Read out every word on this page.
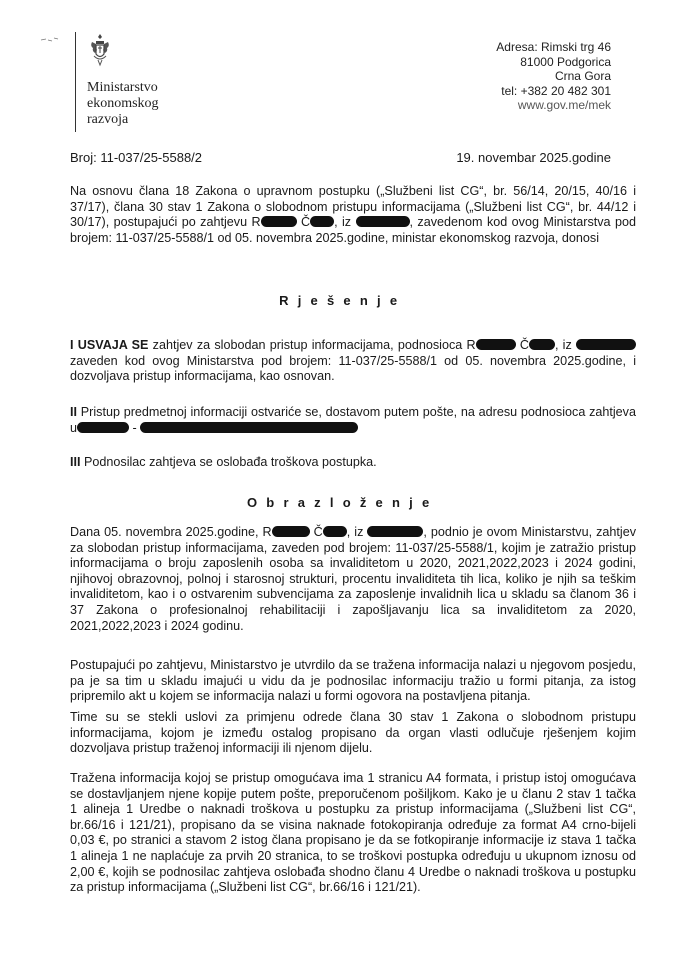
Ministarstvo
ekonomskog
razvoja
Adresa: Rimski trg 46
81000 Podgorica
Crna Gora
tel: +382 20 482 301
www.gov.me/mek
Broj: 11-037/25-5588/2	19. novembar 2025.godine
Na osnovu člana 18 Zakona o upravnom postupku („Službeni list CG“, br. 56/14, 20/15, 40/16 i 37/17), člana 30 stav 1 Zakona o slobodnom pristupu informacijama („Službeni list CG“, br. 44/12 i 30/17), postupajući po zahtjevu R	Č , iz	, zavedenom kod ovog Ministarstva pod brojem: 11-037/25-5588/1 od 05. novembra 2025.godine, ministar ekonomskog razvoja, donosi
R j e š e n j e
I USVAJA SE zahtjev za slobodan pristup informacijama, podnosioca R	Č , iz  zaveden kod ovog Ministarstva pod brojem: 11-037/25-5588/1 od 05. novembra 2025.godine, i dozvoljava pristup informacijama, kao osnovan.
II Pristup predmetnoj informaciji ostvariće se, dostavom putem pošte, na adresu podnosioca zahtjeva u	-
III Podnosilac zahtjeva se oslobađa troškova postupka.
O b r a z l o ž e n j e
Dana 05. novembra 2025.godine, R	Č , iz	, podnio je ovom Ministarstvu, zahtjev za slobodan pristup informacijama, zaveden pod brojem: 11-037/25-5588/1, kojim je zatražio pristup informacijama o broju zaposlenih osoba sa invaliditetom u 2020, 2021,2022,2023 i 2024 godini, njihovoj obrazovnoj, polnoj i starosnoj strukturi, procentu invaliditeta tih lica, koliko je njih sa teškim invaliditetom, kao i o ostvarenim subvencijama za zaposlenje invalidnih lica u skladu sa članom 36 i 37 Zakona o profesionalnoj rehabilitaciji i zapošljavanju lica sa invaliditetom za 2020, 2021,2022,2023 i 2024 godinu.
Postupajući po zahtjevu, Ministarstvo je utvrdilo da se tražena informacija nalazi u njegovom posjedu, pa je sa tim u skladu imajući u vidu da je podnosilac informaciju tražio u formi pitanja, za istog pripremilo akt u kojem se informacija nalazi u formi ogovora na postavljena pitanja.
Time su se stekli uslovi za primjenu odrede člana 30 stav 1 Zakona o slobodnom pristupu informacijama, kojom je između ostalog propisano da organ vlasti odlučuje rješenjem kojim dozvoljava pristup traženoj informaciji ili njenom dijelu.
Tražena informacija kojoj se pristup omogućava ima 1 stranicu A4 formata, i pristup istoj omogućava se dostavljanjem njene kopije putem pošte, preporučenom pošiljkom. Kako je u članu 2 stav 1 tačka 1 alineja 1 Uredbe o naknadi troškova u postupku za pristup informacijama („Službeni list CG“, br.66/16 i 121/21), propisano da se visina naknade fotokopiranja određuje za format A4 crno-bijeli 0,03 €, po stranici a stavom 2 istog člana propisano je da se fotkopiranje informacije iz stava 1 tačka 1 alineja 1 ne naplaćuje za prvih 20 stranica, to se troškovi postupka određuju u ukupnom iznosu od 2,00 €, kojih se podnosilac zahtjeva oslobađa shodno članu 4 Uredbe o naknadi troškova u postupku za pristup informacijama („Službeni list CG“, br.66/16 i 121/21).
